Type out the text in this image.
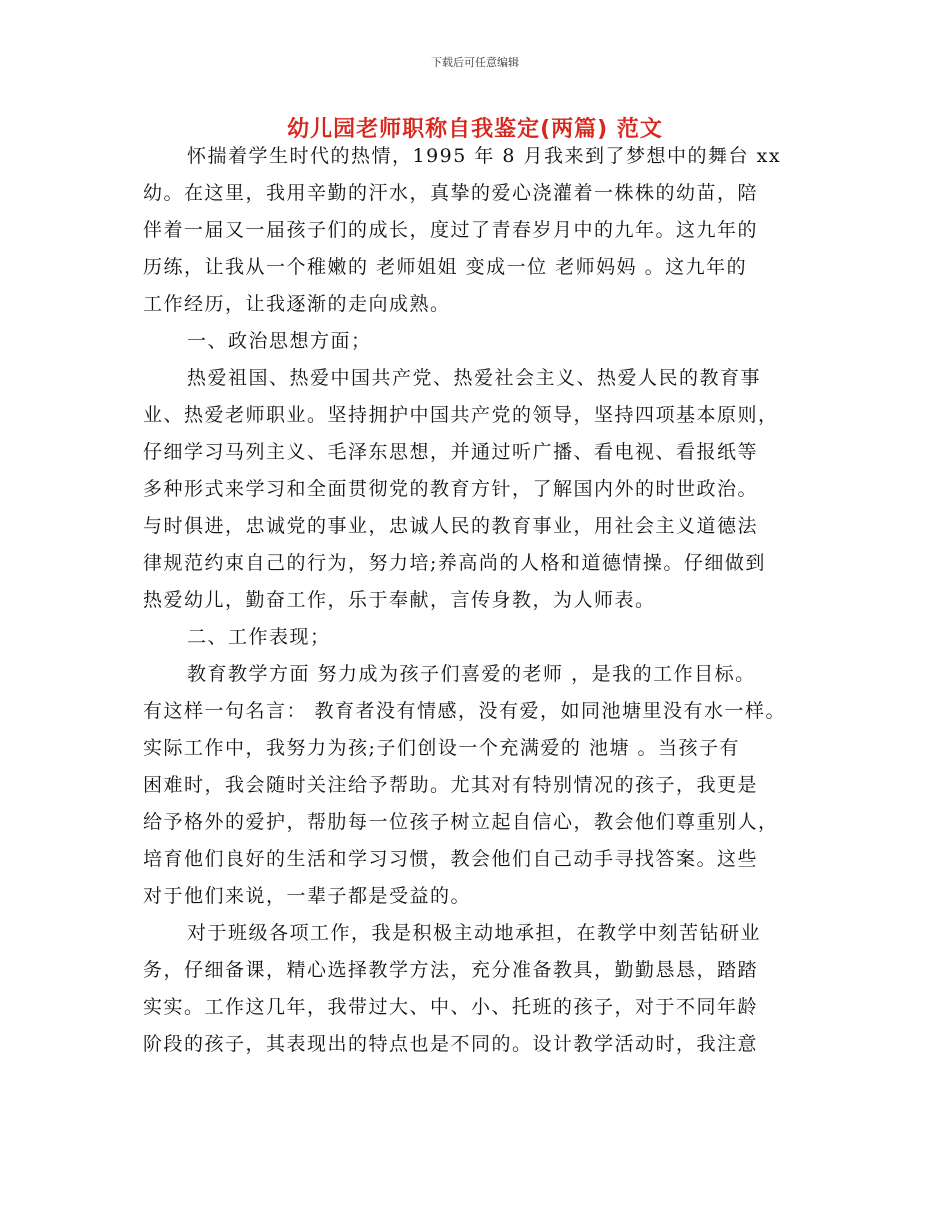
下载后可任意编辑
幼儿园老师职称自我鉴定(两篇) 范文
怀揣着学生时代的热情，1995 年 8 月我来到了梦想中的舞台 xx
幼。在这里，我用辛勤的汗水，真挚的爱心浇灌着一株株的幼苗，陪
伴着一届又一届孩子们的成长，度过了青春岁月中的九年。这九年的
历练，让我从一个稚嫩的 老师姐姐 变成一位 老师妈妈 。这九年的
工作经历，让我逐渐的走向成熟。
一、政治思想方面；
热爱祖国、热爱中国共产党、热爱社会主义、热爱人民的教育事
业、热爱老师职业。坚持拥护中国共产党的领导，坚持四项基本原则，
仔细学习马列主义、毛泽东思想，并通过听广播、看电视、看报纸等
多种形式来学习和全面贯彻党的教育方针，了解国内外的时世政治。
与时俱进，忠诚党的事业，忠诚人民的教育事业，用社会主义道德法
律规范约束自己的行为，努力培;养高尚的人格和道德情操。仔细做到
热爱幼儿，勤奋工作，乐于奉献，言传身教，为人师表。
二、工作表现；
教育教学方面 努力成为孩子们喜爱的老师 ，是我的工作目标。
有这样一句名言： 教育者没有情感，没有爱，如同池塘里没有水一样。
实际工作中，我努力为孩;子们创设一个充满爱的 池塘 。当孩子有
困难时，我会随时关注给予帮助。尤其对有特别情况的孩子，我更是
给予格外的爱护，帮肋每一位孩子树立起自信心，教会他们尊重别人，
培育他们良好的生活和学习习惯，教会他们自己动手寻找答案。这些
对于他们来说，一辈子都是受益的。
对于班级各项工作，我是积极主动地承担，在教学中刻苦钻研业
务，仔细备课，精心选择教学方法，充分准备教具，勤勤恳恳，踏踏
实实。工作这几年，我带过大、中、小、托班的孩子，对于不同年龄
阶段的孩子，其表现出的特点也是不同的。设计教学活动时，我注意
